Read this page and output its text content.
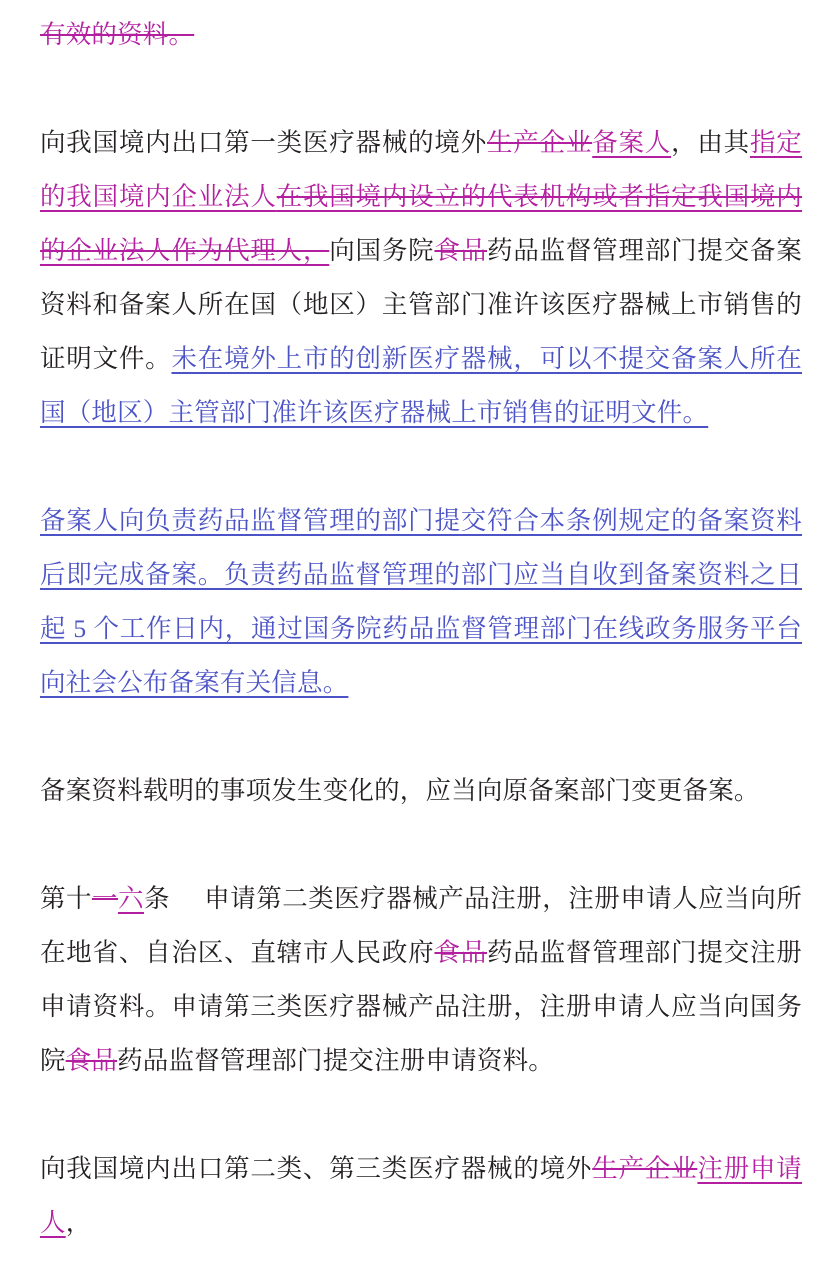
有效的资料。

向我国境内出口第一类医疗器械的境外生产企业备案人，由其指定的我国境内企业法人在我国境内设立的代表机构或者指定我国境内的企业法人作为代理人，向国务院食品药品监督管理部门提交备案资料和备案人所在国（地区）主管部门准许该医疗器械上市销售的证明文件。未在境外上市的创新医疗器械，可以不提交备案人所在国（地区）主管部门准许该医疗器械上市销售的证明文件。

备案人向负责药品监督管理的部门提交符合本条例规定的备案资料后即完成备案。负责药品监督管理的部门应当自收到备案资料之日起 5 个工作日内，通过国务院药品监督管理部门在线政务服务平台向社会公布备案有关信息。

备案资料载明的事项发生变化的，应当向原备案部门变更备案。

第十一六条 申请第二类医疗器械产品注册，注册申请人应当向所在地省、自治区、直辖市人民政府食品药品监督管理部门提交注册申请资料。申请第三类医疗器械产品注册，注册申请人应当向国务院食品药品监督管理部门提交注册申请资料。

向我国境内出口第二类、第三类医疗器械的境外生产企业注册申请人，
